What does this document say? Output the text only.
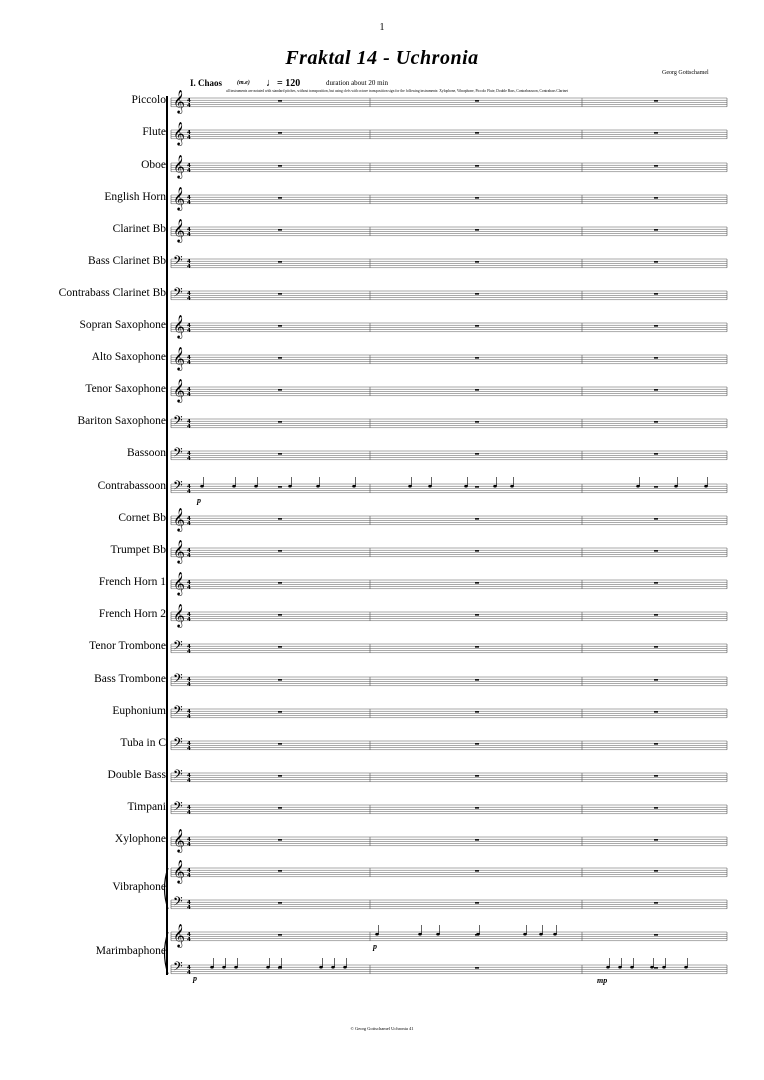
1
Fraktal 14 - Uchronia
Georg Gottschamel
I. Chaos (m.e) ♩= 120	duration about 20 min
all instruments are notated with standard pitches, without transposition, but using clefs with octave transposition sign for the following instruments: Xylophone, Vibraphone, Piccolo Flute, Double Bass, Contrabassoon, Contrabass Clarinet
Piccolo
Flute
Oboe
English Horn
Clarinet Bb
Bass Clarinet Bb
Contrabass Clarinet Bb
Sopran Saxophone
Alto Saxophone
Tenor Saxophone
Bariton Saxophone
Bassoon
Contrabassoon
Cornet Bb
Trumpet Bb
French Horn 1
French Horn 2
Tenor Trombone
Bass Trombone
Euphonium
Tuba in C
Double Bass
Timpani
Xylophone
Vibraphone
Marimbaphone
𝄞 4
4
𝄞 4
4
𝄞 4
4
𝄞 4
4
𝄞 4
4
𝄢 4
4
𝄢 4
4
𝄞 4
4
𝄞 4
4
𝄞 4
4
𝄢 4
4
𝄢 4
4
𝄢 4
4
𝄞 4
4
𝄞 4
4
𝄞 4
4
𝄞 4
4
𝄢 4
4
𝄢 4
4
𝄢 4
4
𝄢 4
4
𝄢 4
4
𝄢 4
4
𝄞 4
4
𝄞 4
4
𝄢 4
4
𝄞 4
4
𝄢 4
4
p
p
p	mp
© Georg Gottschamel Uchronia 41
